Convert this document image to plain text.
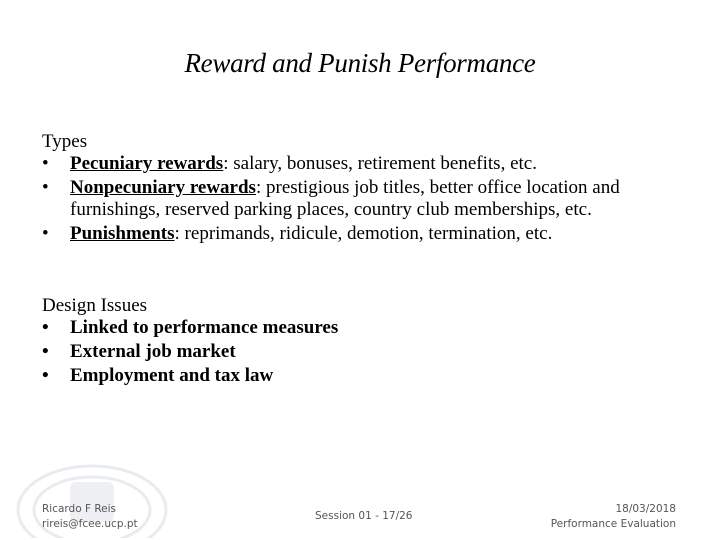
Reward and Punish Performance

Types

• Pecuniary rewards: salary, bonuses, retirement benefits, etc.
• Nonpecuniary rewards: prestigious job titles, better office location and furnishings, reserved parking places, country club memberships, etc.
• Punishments: reprimands, ridicule, demotion, termination, etc.

Design Issues

• Linked to performance measures
• External job market
• Employment and tax law
Ricardo F Reis
rireis@fcee.ucp.pt
Session 01 - 17/26
18/03/2018
Performance Evaluation
